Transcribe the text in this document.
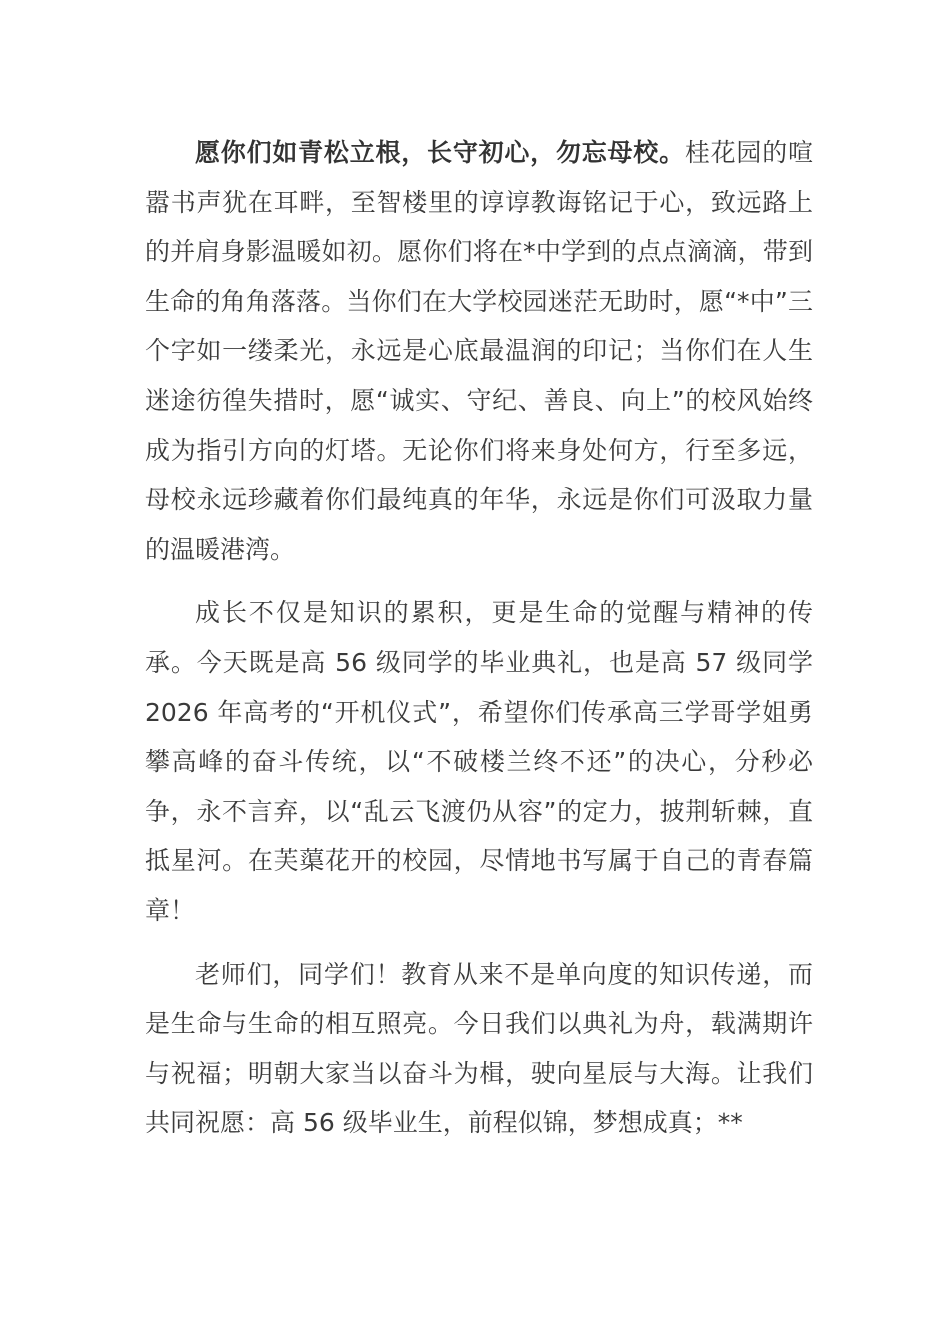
愿你们如青松立根，长守初心，勿忘母校。桂花园的喧嚣书声犹在耳畔，至智楼里的谆谆教诲铭记于心，致远路上的并肩身影温暖如初。愿你们将在*中学到的点点滴滴，带到生命的角角落落。当你们在大学校园迷茫无助时，愿“*中”三个字如一缕柔光，永远是心底最温润的印记；当你们在人生迷途彷徨失措时，愿“诚实、守纪、善良、向上”的校风始终成为指引方向的灯塔。无论你们将来身处何方，行至多远，母校永远珍藏着你们最纯真的年华，永远是你们可汲取力量的温暖港湾。

成长不仅是知识的累积，更是生命的觉醒与精神的传承。今天既是高 56 级同学的毕业典礼，也是高 57 级同学 2026 年高考的“开机仪式”，希望你们传承高三学哥学姐勇攀高峰的奋斗传统，以“不破楼兰终不还”的决心，分秒必争，永不言弃，以“乱云飞渡仍从容”的定力，披荆斩棘，直抵星河。在芙蕖花开的校园，尽情地书写属于自己的青春篇章！

老师们，同学们！教育从来不是单向度的知识传递，而是生命与生命的相互照亮。今日我们以典礼为舟，载满期许与祝福；明朝大家当以奋斗为楫，驶向星辰与大海。让我们共同祝愿：高 56 级毕业生，前程似锦，梦想成真；**
